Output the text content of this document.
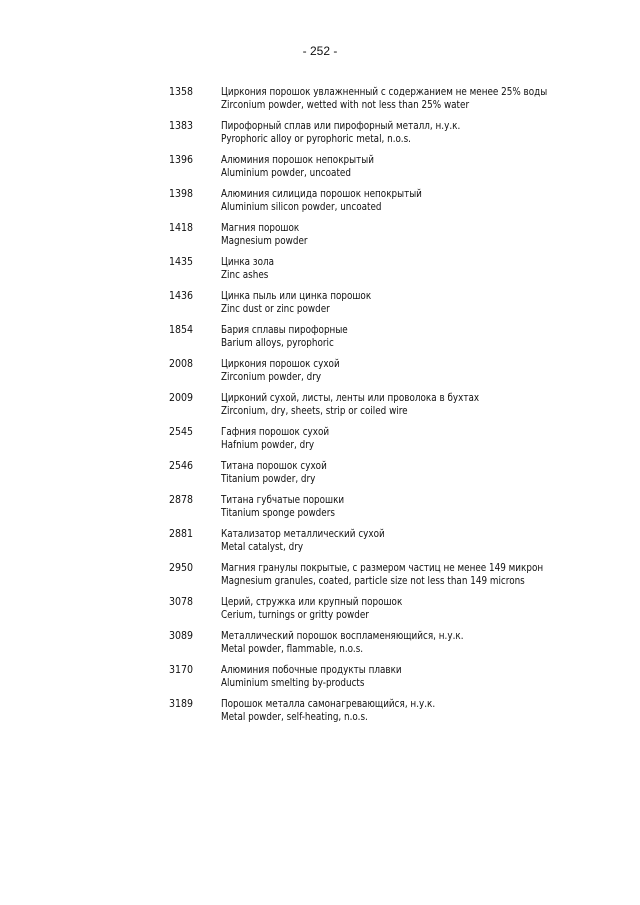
- 252 -
1358	Циркония порошок увлажненный с содержанием не менее 25% воды
Zirconium powder, wetted with not less than 25% water
1383	Пирофорный сплав или пирофорный металл, н.у.к.
Pyrophoric alloy or pyrophoric metal, n.o.s.
1396	Алюминия порошок непокрытый
Aluminium powder, uncoated
1398	Алюминия силицида порошок непокрытый
Aluminium silicon powder, uncoated
1418	Магния порошок
Magnesium powder
1435	Цинка зола
Zinc ashes
1436	Цинка пыль или цинка порошок
Zinc dust or zinc powder
1854	Бария сплавы пирофорные
Barium alloys, pyrophoric
2008	Циркония порошок сухой
Zirconium powder, dry
2009	Цирконий сухой, листы, ленты или проволока в бухтах
Zirconium, dry, sheets, strip or coiled wire
2545	Гафния порошок сухой
Hafnium powder, dry
2546	Титана порошок сухой
Titanium powder, dry
2878	Титана губчатые порошки
Titanium sponge powders
2881	Катализатор металлический сухой
Metal catalyst, dry
2950	Магния гранулы покрытые, с размером частиц не менее 149 микрон
Magnesium granules, coated, particle size not less than 149 microns
3078	Церий, стружка или крупный порошок
Cerium, turnings or gritty powder
3089	Металлический порошок воспламеняющийся, н.у.к.
Metal powder, flammable, n.o.s.
3170	Алюминия побочные продукты плавки
Aluminium smelting by-products
3189	Порошок металла самонагревающийся, н.у.к.
Metal powder, self-heating, n.o.s.
